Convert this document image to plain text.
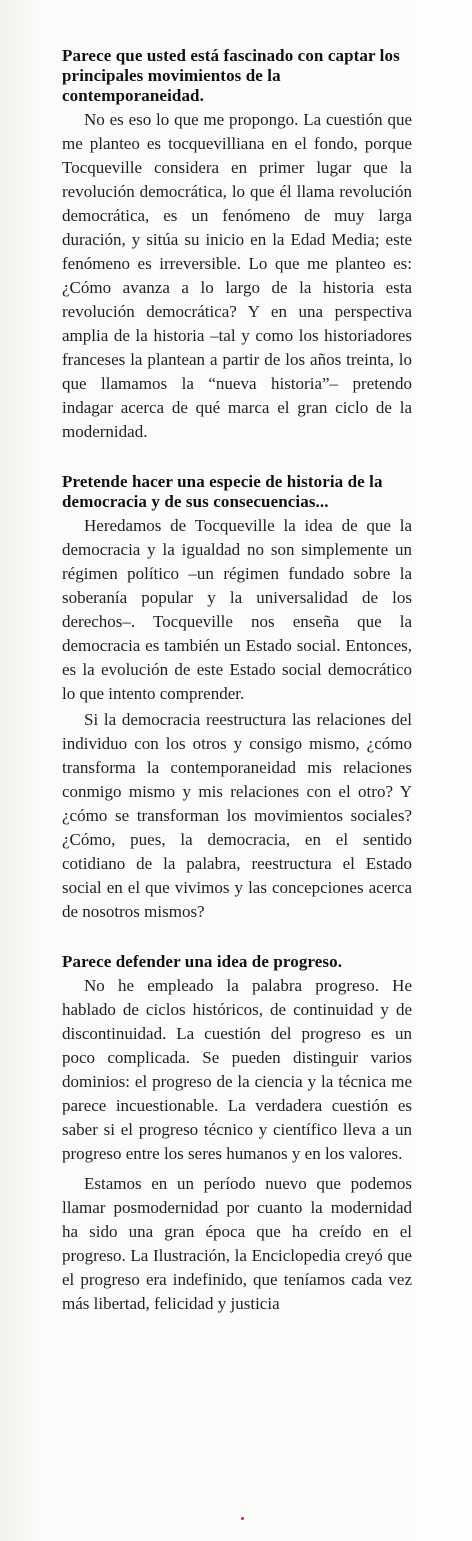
Parece que usted está fascinado con captar los principales movimientos de la contemporaneidad.

No es eso lo que me propongo. La cuestión que me planteo es tocquevilliana en el fondo, porque Tocqueville considera en primer lugar que la revolución democrática, lo que él llama revolución democrática, es un fenómeno de muy larga duración, y sitúa su inicio en la Edad Media; este fenómeno es irreversible. Lo que me planteo es: ¿Cómo avanza a lo largo de la historia esta revolución democrática? Y en una perspectiva amplia de la historia –tal y como los historiadores franceses la plantean a partir de los años treinta, lo que llamamos la “nueva historia”– pretendo indagar acerca de qué marca el gran ciclo de la modernidad.

Pretende hacer una especie de historia de la democracia y de sus consecuencias...

Heredamos de Tocqueville la idea de que la democracia y la igualdad no son simplemente un régimen político –un régimen fundado sobre la soberanía popular y la universalidad de los derechos–. Tocqueville nos enseña que la democracia es también un Estado social. Entonces, es la evolución de este Estado social democrático lo que intento comprender.

Si la democracia reestructura las relaciones del individuo con los otros y consigo mismo, ¿cómo transforma la contemporaneidad mis relaciones conmigo mismo y mis relaciones con el otro? Y ¿cómo se transforman los movimientos sociales? ¿Cómo, pues, la democracia, en el sentido cotidiano de la palabra, reestructura el Estado social en el que vivimos y las concepciones acerca de nosotros mismos?

Parece defender una idea de progreso.

No he empleado la palabra progreso. He hablado de ciclos históricos, de continuidad y de discontinuidad. La cuestión del progreso es un poco complicada. Se pueden distinguir varios dominios: el progreso de la ciencia y la técnica me parece incuestionable. La verdadera cuestión es saber si el progreso técnico y científico lleva a un progreso entre los seres humanos y en los valores.

Estamos en un período nuevo que podemos llamar posmodernidad por cuanto la modernidad ha sido una gran época que ha creído en el progreso. La Ilustración, la Enciclopedia creyó que el progreso era indefinido, que teníamos cada vez más libertad, felicidad y justicia
